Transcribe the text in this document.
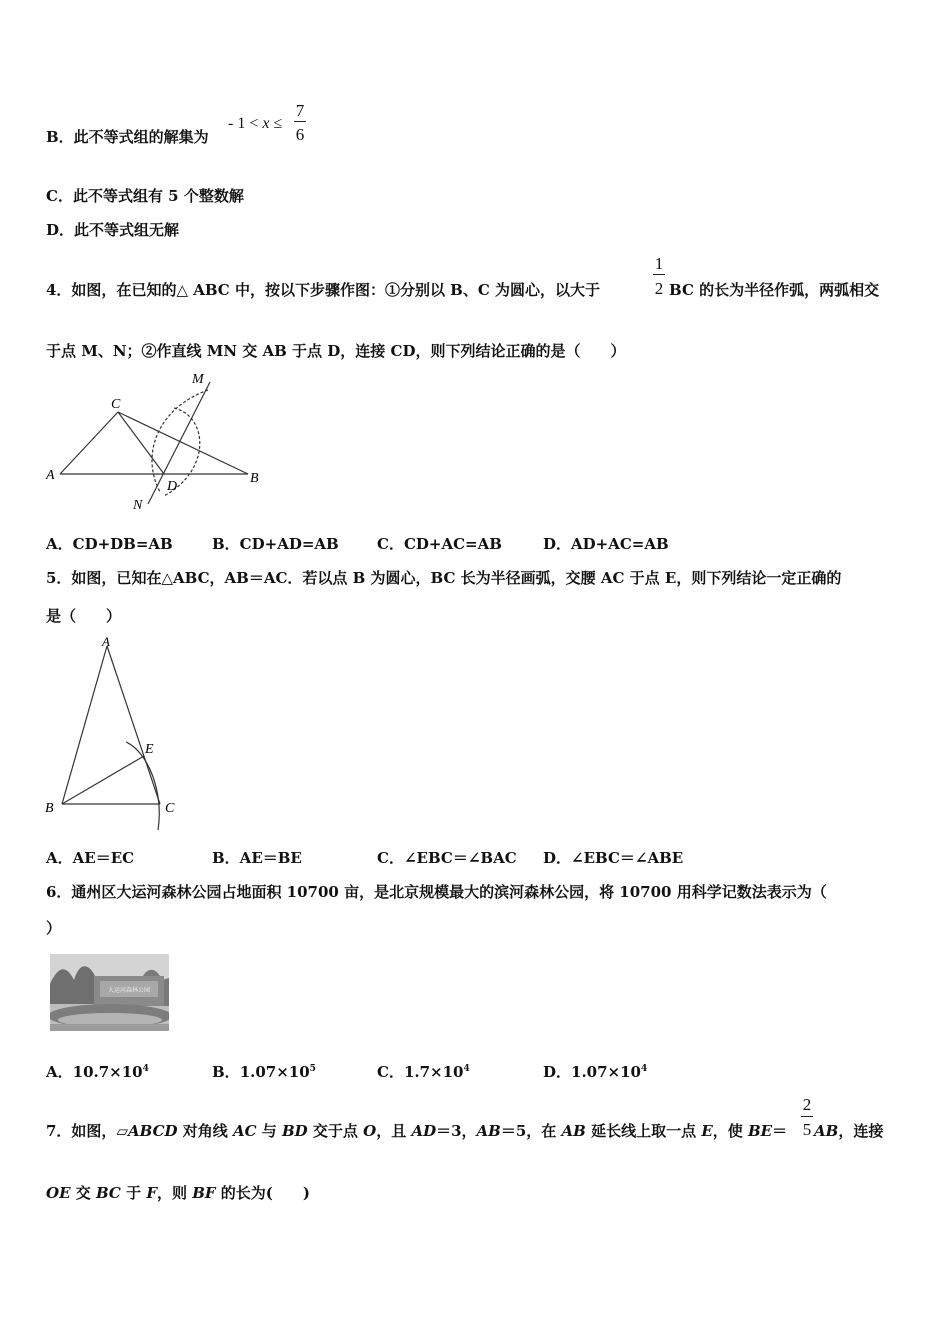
B．此不等式组的解集为
- 1 < x ≤
7
6
C．此不等式组有 5 个整数解
D．此不等式组无解
4．如图，在已知的△ ABC 中，按以下步骤作图：①分别以 B、C 为圆心，以大于
1
2 BC 的长为半径作弧，两弧相交
于点 M、N；②作直线 MN 交 AB 于点 D，连接 CD，则下列结论正确的是（　　）
A	B
C
D
M
N
A．CD+DB=AB	B．CD+AD=AB	C．CD+AC=AB	D．AD+AC=AB
5．如图，已知在△ABC，AB＝AC．若以点 B 为圆心，BC 长为半径画弧，交腰 AC 于点 E，则下列结论一定正确的
是（　　）
A
B	C
E
A．AE＝EC	B．AE＝BE	C．∠EBC＝∠BAC D．∠EBC＝∠ABE
6．通州区大运河森林公园占地面积 10700 亩，是北京规模最大的滨河森林公园，将 10700 用科学记数法表示为（
）
大运河森林公园
A．$10.7\times 10^4$	B．$1.07\times 10^5$	C．$1.7\times 10^4$	D．$1.07\times 10^4$
7．如图，▱ABCD 对角线 AC 与 BD 交于点 O，且 AD＝3，AB＝5，在 AB 延长线上取一点 E，使 BE＝
2
5 AB，连接
OE 交 BC 于 F，则 BF 的长为(　　)
